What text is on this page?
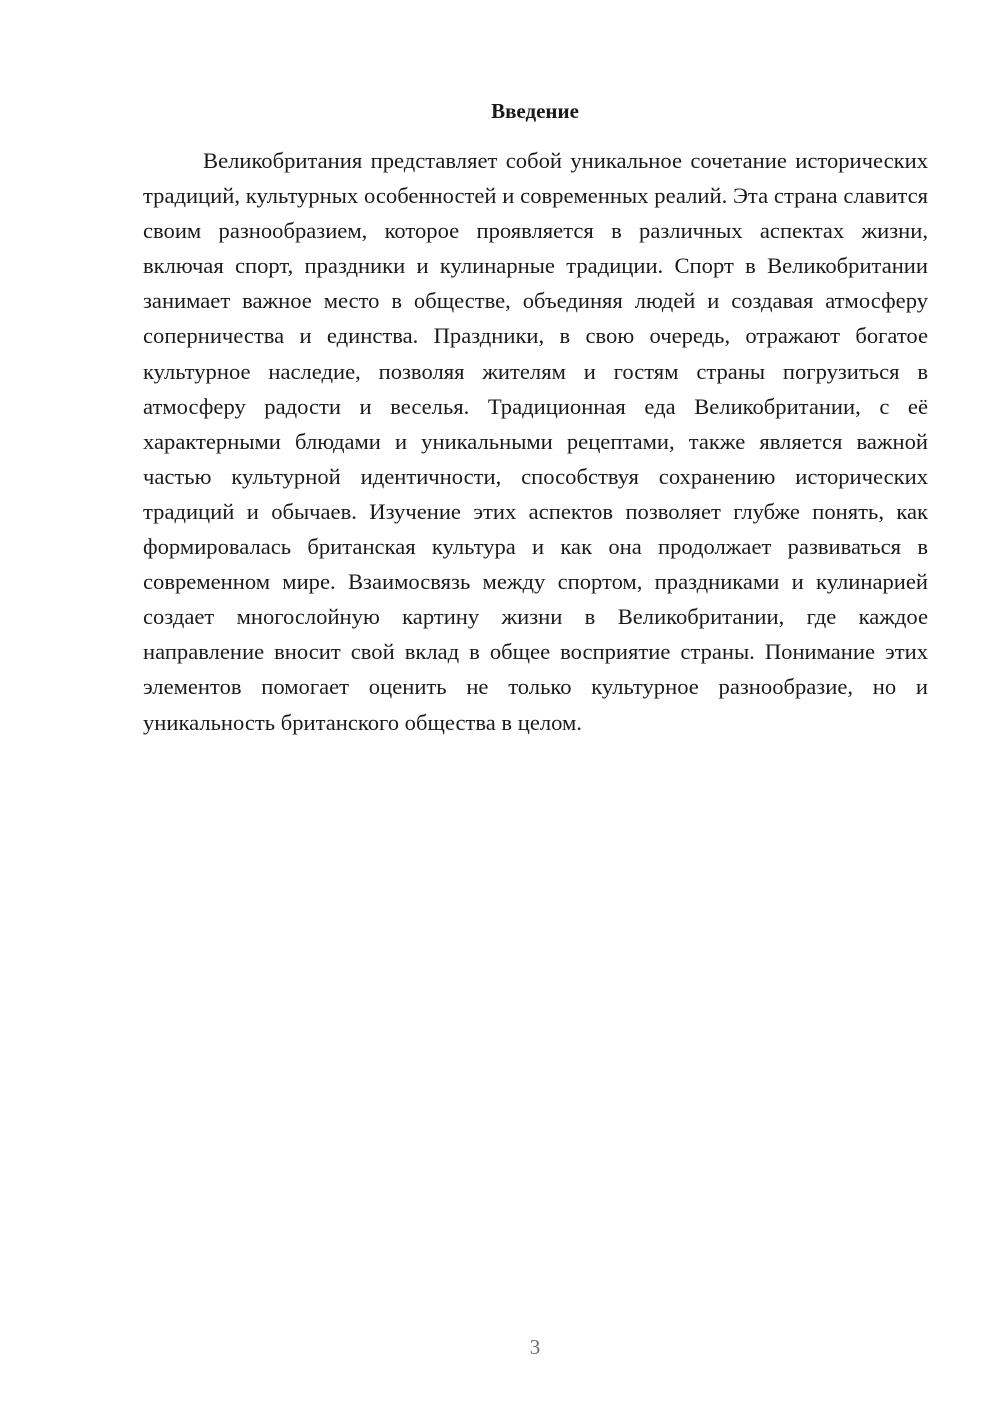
Введение

Великобритания представляет собой уникальное сочетание исторических традиций, культурных особенностей и современных реалий. Эта страна славится своим разнообразием, которое проявляется в различных аспектах жизни, включая спорт, праздники и кулинарные традиции. Спорт в Великобритании занимает важное место в обществе, объединяя людей и создавая атмосферу соперничества и единства. Праздники, в свою очередь, отражают богатое культурное наследие, позволяя жителям и гостям страны погрузиться в атмосферу радости и веселья. Традиционная еда Великобритании, с её характерными блюдами и уникальными рецептами, также является важной частью культурной идентичности, способствуя сохранению исторических традиций и обычаев. Изучение этих аспектов позволяет глубже понять, как формировалась британская культура и как она продолжает развиваться в современном мире. Взаимосвязь между спортом, праздниками и кулинарией создает многослойную картину жизни в Великобритании, где каждое направление вносит свой вклад в общее восприятие страны. Понимание этих элементов помогает оценить не только культурное разнообразие, но и уникальность британского общества в целом.

3
